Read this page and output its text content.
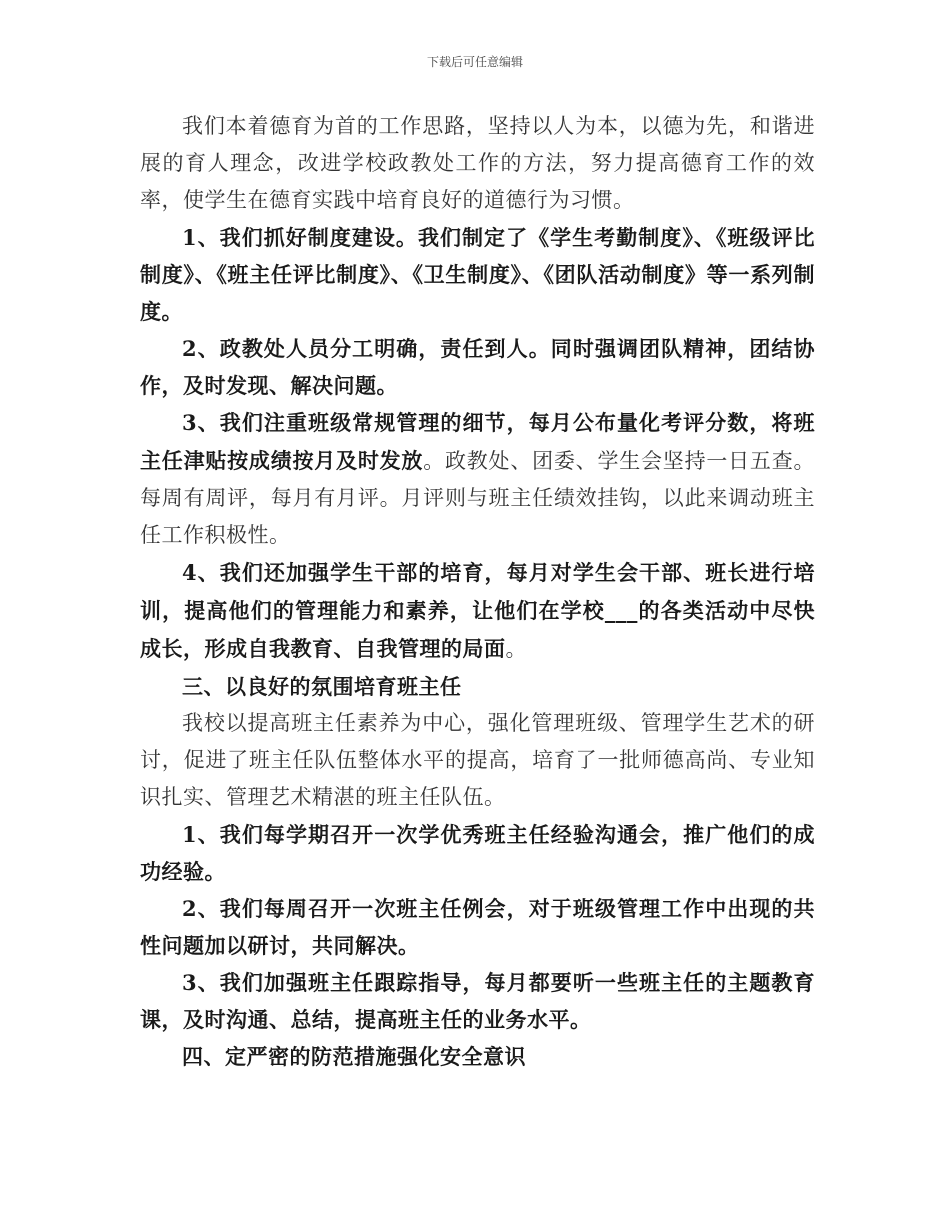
下载后可任意编辑

我们本着德育为首的工作思路，坚持以人为本，以德为先，和谐进展的育人理念，改进学校政教处工作的方法，努力提高德育工作的效率，使学生在德育实践中培育良好的道德行为习惯。

1、我们抓好制度建设。我们制定了《学生考勤制度》、《班级评比制度》、《班主任评比制度》、《卫生制度》、《团队活动制度》等一系列制度。

2、政教处人员分工明确，责任到人。同时强调团队精神，团结协作，及时发现、解决问题。

3、我们注重班级常规管理的细节，每月公布量化考评分数，将班主任津贴按成绩按月及时发放。政教处、团委、学生会坚持一日五查。每周有周评，每月有月评。月评则与班主任绩效挂钩，以此来调动班主任工作积极性。

4、我们还加强学生干部的培育，每月对学生会干部、班长进行培训，提高他们的管理能力和素养，让他们在学校___的各类活动中尽快成长，形成自我教育、自我管理的局面。

三、以良好的氛围培育班主任

我校以提高班主任素养为中心，强化管理班级、管理学生艺术的研讨，促进了班主任队伍整体水平的提高，培育了一批师德高尚、专业知识扎实、管理艺术精湛的班主任队伍。

1、我们每学期召开一次学优秀班主任经验沟通会，推广他们的成功经验。

2、我们每周召开一次班主任例会，对于班级管理工作中出现的共性问题加以研讨，共同解决。

3、我们加强班主任跟踪指导，每月都要听一些班主任的主题教育课，及时沟通、总结，提高班主任的业务水平。

四、定严密的防范措施强化安全意识
